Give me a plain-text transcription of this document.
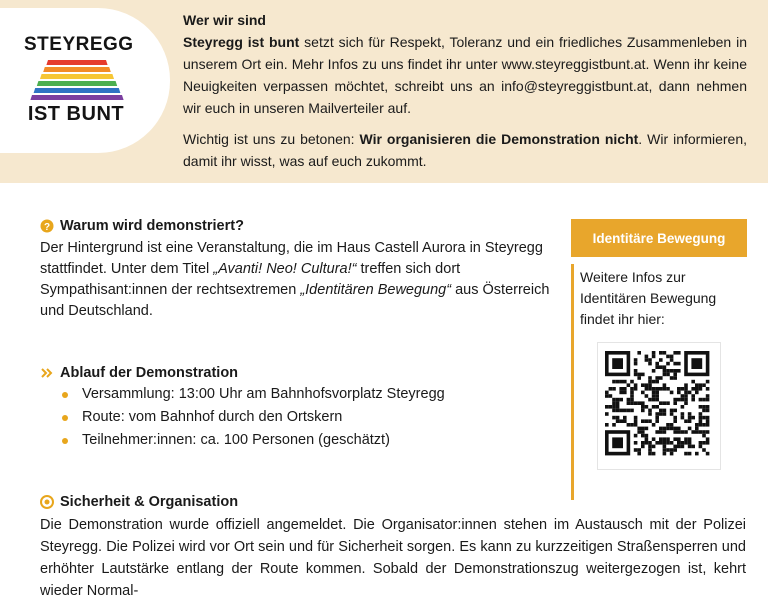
STEYREGG
IST BUNT

Wer wir sind

Steyregg ist bunt setzt sich für Respekt, Toleranz und ein friedliches Zusammenleben in unserem Ort ein. Mehr Infos zu uns findet ihr unter www.steyreggistbunt.at. Wenn ihr keine Neuigkeiten verpassen möchtet, schreibt uns an info@steyreggistbunt.at, dann nehmen wir euch in unseren Mailverteiler auf.

Wichtig ist uns zu betonen: Wir organisieren die Demonstration nicht. Wir informieren, damit ihr wisst, was auf euch zukommt.

? Warum wird demonstriert?

Der Hintergrund ist eine Veranstaltung, die im Haus Castell Aurora in Steyregg stattfindet. Unter dem Titel „Avanti! Neo! Cultura!“ treffen sich dort Sympathisant:innen der rechtsextremen „Identitären Bewegung“ aus Österreich und Deutschland.

Ablauf der Demonstration
Versammlung: 13:00 Uhr am Bahnhofsvorplatz Steyregg
Route: vom Bahnhof durch den Ortskern
Teilnehmer:innen: ca. 100 Personen (geschätzt)
Sicherheit & Organisation

Die Demonstration wurde offiziell angemeldet. Die Organisator:innen stehen im Austausch mit der Polizei Steyregg. Die Polizei wird vor Ort sein und für Sicherheit sorgen. Es kann zu kurzzeitigen Straßensperren und erhöhter Lautstärke entlang der Route kommen. Sobald der Demonstrationszug weitergezogen ist, kehrt wieder Normal-

Identitäre Bewegung

Weitere Infos zur Identitären Bewegung findet ihr hier:
